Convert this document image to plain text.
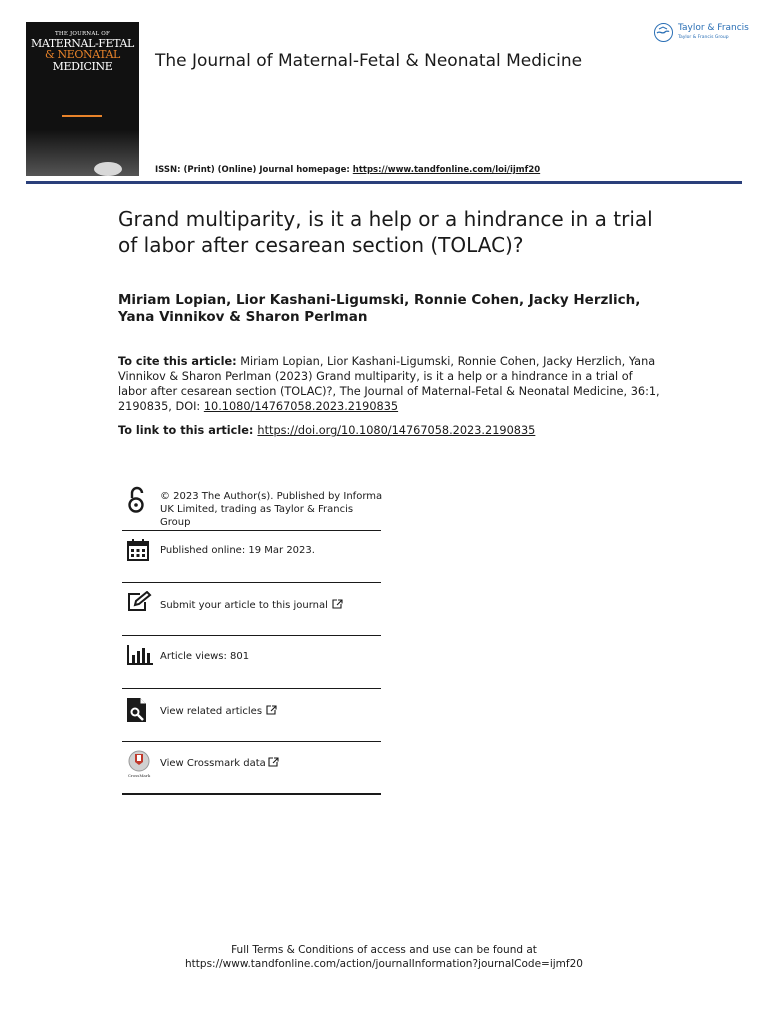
THE JOURNAL OF
MATERNAL-FETAL
& NEONATAL
MEDICINE	The Journal of Maternal-Fetal & Neonatal Medicine
Taylor & Francis
Taylor & Francis Group
ISSN: (Print) (Online) Journal homepage: https://www.tandfonline.com/loi/ijmf20
Grand multiparity, is it a help or a hindrance in a trial of labor after cesarean section (TOLAC)?
Miriam Lopian, Lior Kashani-Ligumski, Ronnie Cohen, Jacky Herzlich, Yana Vinnikov & Sharon Perlman
To cite this article: Miriam Lopian, Lior Kashani-Ligumski, Ronnie Cohen, Jacky Herzlich, Yana Vinnikov & Sharon Perlman (2023) Grand multiparity, is it a help or a hindrance in a trial of labor after cesarean section (TOLAC)?, The Journal of Maternal-Fetal & Neonatal Medicine, 36:1, 2190835, DOI: 10.1080/14767058.2023.2190835
To link to this article: https://doi.org/10.1080/14767058.2023.2190835
© 2023 The Author(s). Published by Informa UK Limited, trading as Taylor & Francis Group
Published online: 19 Mar 2023.
Submit your article to this journal
Article views: 801
View related articles
CrossMark
View Crossmark data
Full Terms & Conditions of access and use can be found at
https://www.tandfonline.com/action/journalInformation?journalCode=ijmf20
